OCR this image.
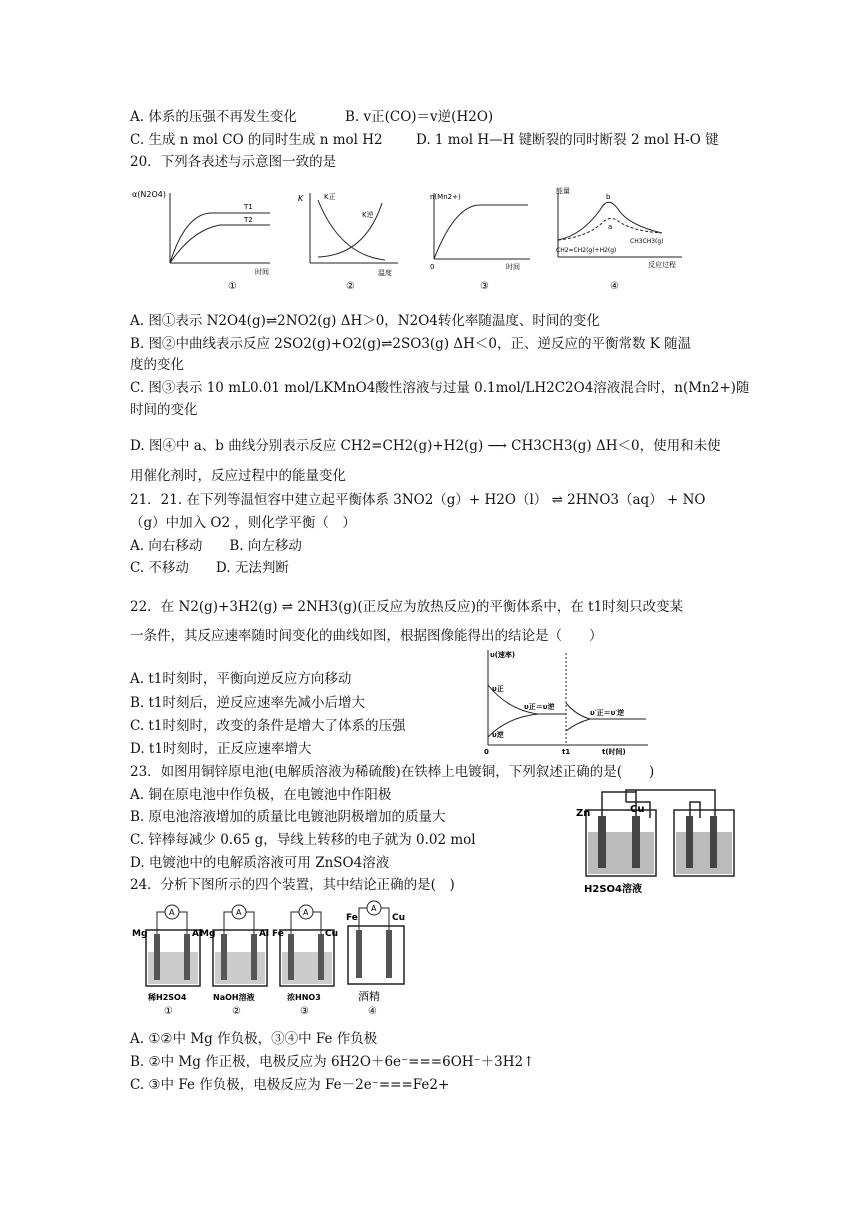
A. 体系的压强不再发生变化	B. v正(CO)＝v逆(H2O)
C. 生成 n mol CO 的同时生成 n mol H2 D. 1 mol H—H 键断裂的同时断裂 2 mol H-O 键
20．下列各表述与示意图一致的是
α(N2O4)
T1
T2
时间
①
K	K正
K逆
温度
②
n(Mn2+)
0	时间
③
能量
b
a
CH3CH3(g)
CH2=CH2(g)+H2(g)
反应过程
④
A. 图①表示 N2O4(g)⇌2NO2(g) ΔH＞0，N2O4转化率随温度、时间的变化
B. 图②中曲线表示反应 2SO2(g)+O2(g)⇌2SO3(g) ΔH＜0，正、逆反应的平衡常数 K 随温
度的变化
C. 图③表示 10 mL0.01 mol/LKMnO4酸性溶液与过量 0.1mol/LH2C2O4溶液混合时，n(Mn2+)随
时间的变化
D. 图④中 a、b 曲线分别表示反应 CH2=CH2(g)+H2(g) ⟶ CH3CH3(g) ΔH＜0，使用和未使
用催化剂时，反应过程中的能量变化
21．21. 在下列等温恒容中建立起平衡体系 3NO2（g）+ H2O（l） ⇌ 2HNO3（aq） + NO
（g）中加入 O2 ，则化学平衡（　）
A. 向右移动　　B. 向左移动
C. 不移动　　D. 无法判断
22．在 N2(g)+3H2(g) ⇌ 2NH3(g)(正反应为放热反应)的平衡体系中，在 t1时刻只改变某
一条件，其反应速率随时间变化的曲线如图，根据图像能得出的结论是（　　）
A. t1时刻时，平衡向逆反应方向移动
B. t1时刻后，逆反应速率先减小后增大
C. t1时刻时，改变的条件是增大了体系的压强
D. t1时刻时，正反应速率增大
υ(速率)
υ正
υ逆
υ正＝υ逆
υ′正＝υ′逆
0	t1	t(时间)
23．如图用铜锌原电池(电解质溶液为稀硫酸)在铁棒上电镀铜，下列叙述正确的是(　　)
A. 铜在原电池中作负极，在电镀池中作阳极
B. 原电池溶液增加的质量比电镀池阴极增加的质量大
C. 锌棒每减少 0.65 g，导线上转移的电子就为 0.02 mol
D. 电镀池中的电解质溶液可用 ZnSO4溶液
Zn	Cu
H2SO4溶液
24．分析下图所示的四个装置，其中结论正确的是(　)
A
Mg	Al
稀H2SO4
①
A
Mg	Al
NaOH溶液
②
A
Fe	Cu
浓HNO3
③
A
Fe	Cu
酒精
④
A. ①②中 Mg 作负极，③④中 Fe 作负极
B. ②中 Mg 作正极，电极反应为 6H2O＋6e⁻===6OH⁻＋3H2↑
C. ③中 Fe 作负极，电极反应为 Fe－2e⁻===Fe2+
